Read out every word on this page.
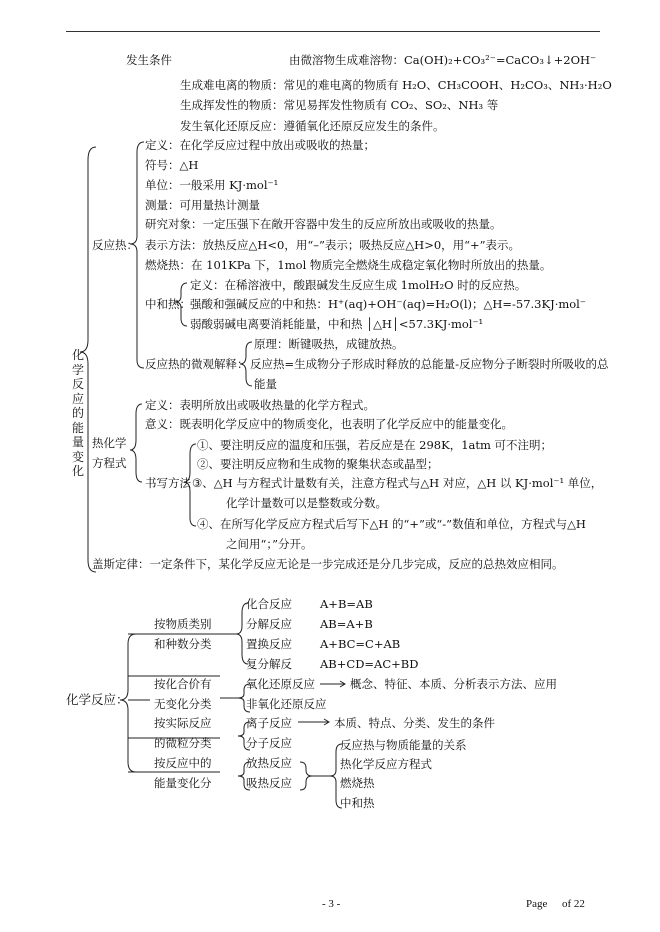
发生条件	由微溶物生成难溶物：Ca(OH)₂+CO₃²⁻=CaCO₃↓+2OH⁻
生成难电离的物质：常见的难电离的物质有 H₂O、CH₃COOH、H₂CO₃、NH₃·H₂O
生成挥发性的物质：常见易挥发性物质有 CO₂、SO₂、NH₃ 等
发生氧化还原反应：遵循氧化还原反应发生的条件。
化
学
反
应
的
能
量
变
化
反应热：
定义：在化学反应过程中放出或吸收的热量；
符号：△H
单位：一般采用 KJ·mol⁻¹
测量：可用量热计测量
研究对象：一定压强下在敞开容器中发生的反应所放出或吸收的热量。
表示方法：放热反应△H<0，用“–”表示；吸热反应△H>0，用“+”表示。
燃烧热：在 101KPa 下，1mol 物质完全燃烧生成稳定氧化物时所放出的热量。
中和热：
定义：在稀溶液中，酸跟碱发生反应生成 1molH₂O 时的反应热。
强酸和强碱反应的中和热：H⁺(aq)+OH⁻(aq)=H₂O(l)；△H=-57.3KJ·mol⁻
弱酸弱碱电离要消耗能量，中和热 │△H│<57.3KJ·mol⁻¹
反应热的微观解释：
原理：断键吸热，成键放热。
反应热=生成物分子形成时释放的总能量-反应物分子断裂时所吸收的总
能量
热化学
方程式
定义：表明所放出或吸收热量的化学方程式。
意义：既表明化学反应中的物质变化，也表明了化学反应中的能量变化。
书写方法
①、要注明反应的温度和压强，若反应是在 298K，1atm 可不注明；
②、要注明反应物和生成物的聚集状态或晶型；
③、△H 与方程式计量数有关，注意方程式与△H 对应，△H 以 KJ·mol⁻¹ 单位，
化学计量数可以是整数或分数。
④、在所写化学反应方程式后写下△H 的“+”或“-”数值和单位，方程式与△H
之间用“；”分开。
盖斯定律：一定条件下，某化学反应无论是一步完成还是分几步完成，反应的总热效应相同。
化学反应：
按物质类别
和种数分类
化合反应 A+B=AB
分解反应 AB=A+B
置换反应 A+BC=C+AB
复分解反 AB+CD=AC+BD
按化合价有
无变化分类
氧化还原反应	概念、特征、本质、分析表示方法、应用
非氧化还原反应
按实际反应
的微粒分类
离子反应	本质、特点、分类、发生的条件
分子反应
按反应中的
能量变化分
放热反应
吸热反应
反应热与物质能量的关系
热化学反应方程式
燃烧热
中和热
- 3 -	Page of 22
